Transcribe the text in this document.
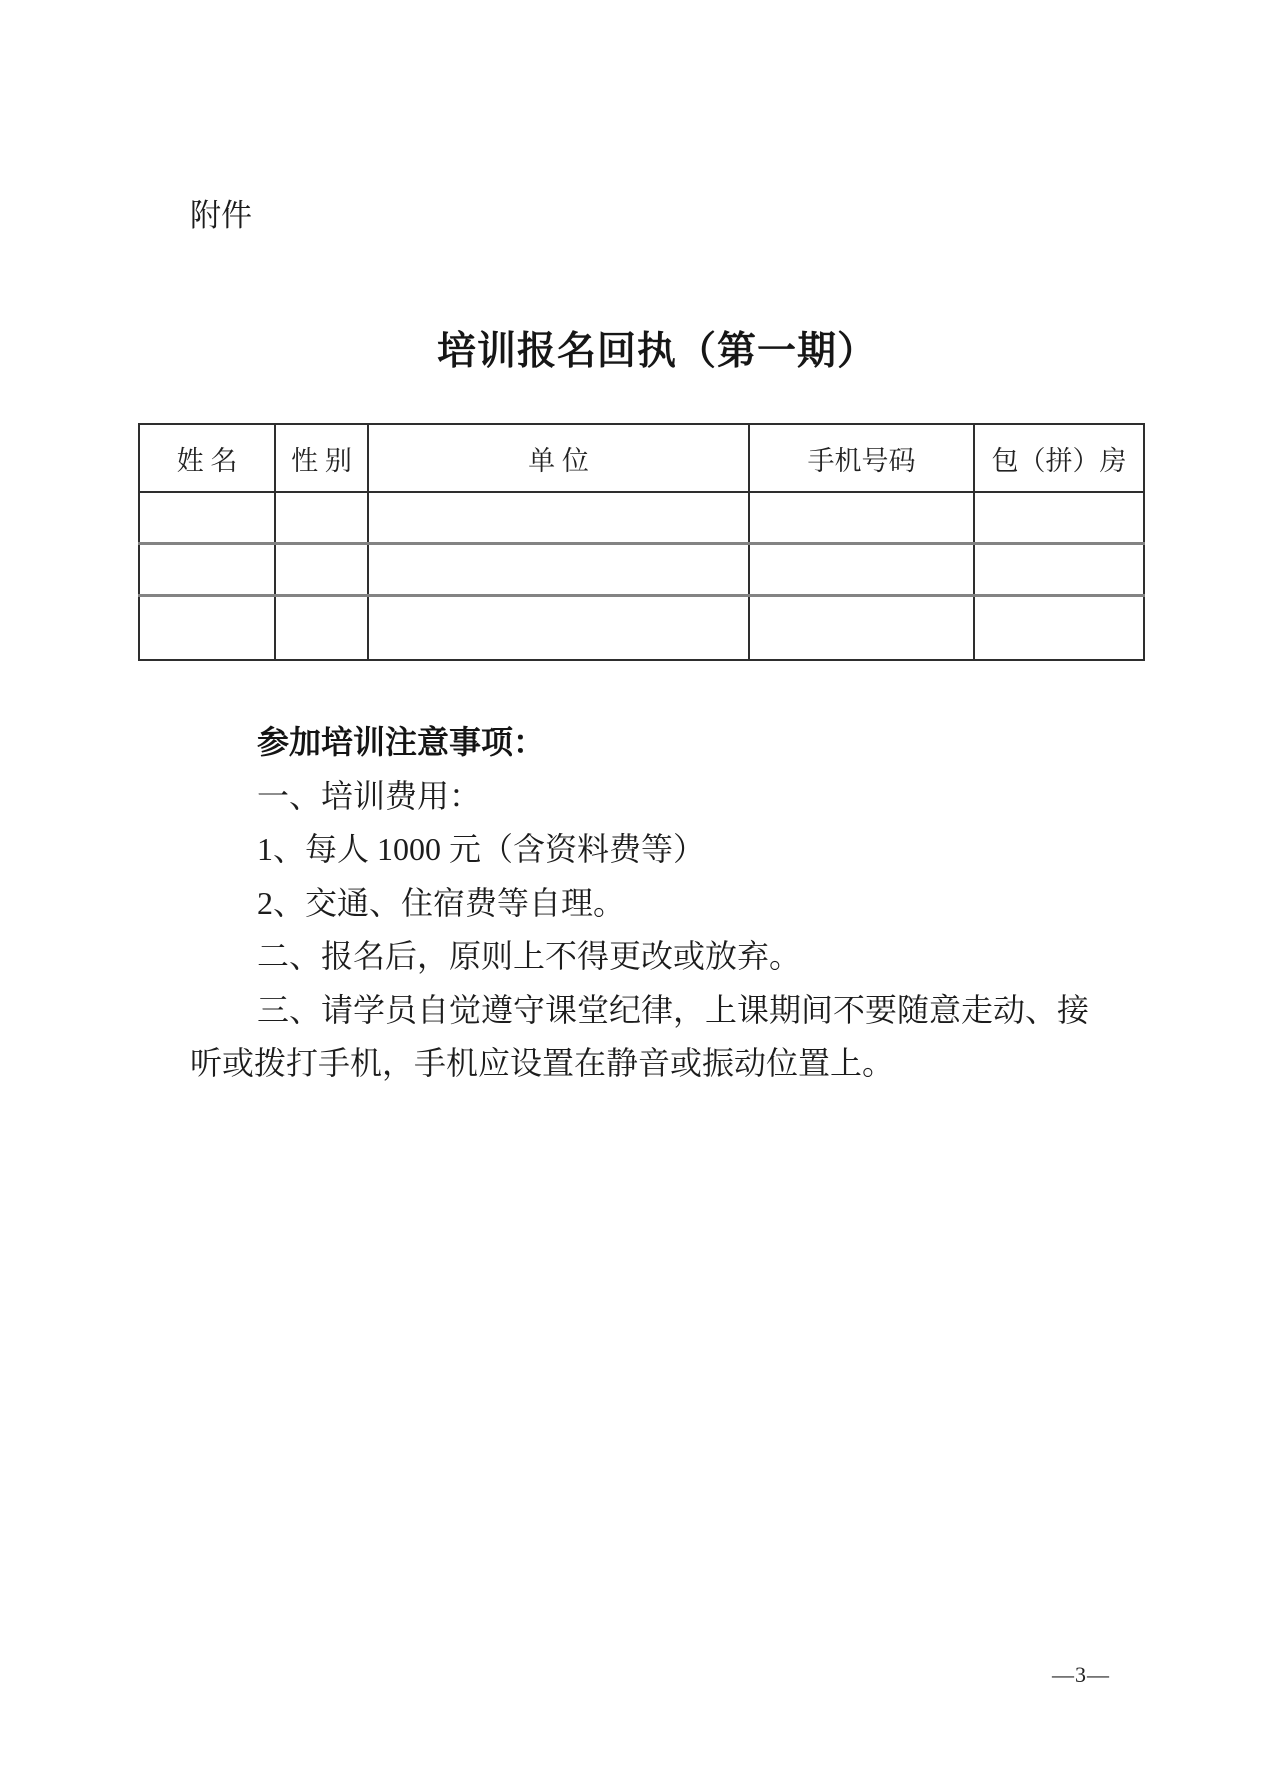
附件
培训报名回执（第一期）
姓 名	性 别	单 位	手机号码	包（拼）房

参加培训注意事项：

一、培训费用：

1、每人 1000 元（含资料费等）

2、交通、住宿费等自理。

二、报名后，原则上不得更改或放弃。

三、请学员自觉遵守课堂纪律，上课期间不要随意走动、接听或拨打手机，手机应设置在静音或振动位置上。

—3—
